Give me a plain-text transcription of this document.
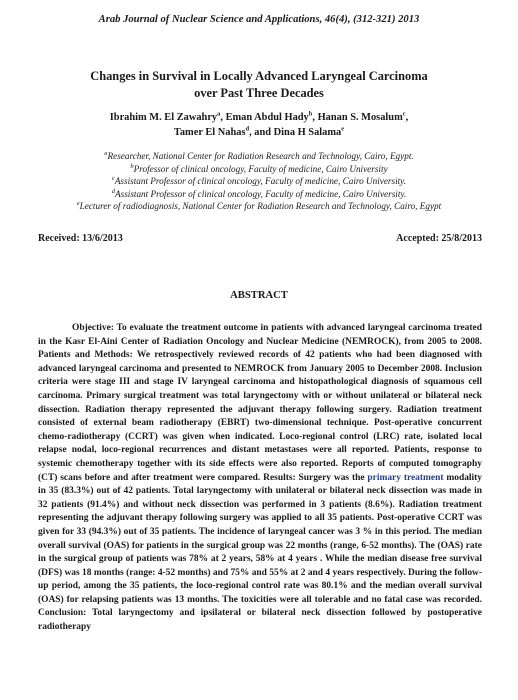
Arab Journal of Nuclear Science and Applications, 46(4), (312-321) 2013
Changes in Survival in Locally Advanced Laryngeal Carcinoma
over Past Three Decades
Ibrahim M. El Zawahry$^a$, Eman Abdul Hady$^b$, Hanan S. Mosalum$^c$,
Tamer El Nahas$^d$, and Dina H Salama$^e$
$^a$Researcher, National Center for Radiation Research and Technology, Cairo, Egypt.
$^b$Professor of clinical oncology, Faculty of medicine, Cairo University
$^c$Assistant Professor of clinical oncology, Faculty of medicine, Cairo University.
$^d$Assistant Professor of clinical oncology, Faculty of medicine, Cairo University.
$^e$Lecturer of radiodiagnosis, National Center for Radiation Research and Technology, Cairo, Egypt
Received: 13/6/2013	Accepted: 25/8/2013
ABSTRACT

Objective: To evaluate the treatment outcome in patients with advanced laryngeal carcinoma treated in the Kasr El-Aini Center of Radiation Oncology and Nuclear Medicine (NEMROCK), from 2005 to 2008. Patients and Methods: We retrospectively reviewed records of 42 patients who had been diagnosed with advanced laryngeal carcinoma and presented to NEMROCK from January 2005 to December 2008. Inclusion criteria were stage III and stage IV laryngeal carcinoma and histopathological diagnosis of squamous cell carcinoma. Primary surgical treatment was total laryngectomy with or without unilateral or bilateral neck dissection. Radiation therapy represented the adjuvant therapy following surgery. Radiation treatment consisted of external beam radiotherapy (EBRT) two-dimensional technique. Post-operative concurrent chemo-radiotherapy (CCRT) was given when indicated. Loco-regional control (LRC) rate, isolated local relapse nodal, loco-regional recurrences and distant metastases were all reported. Patients, response to systemic chemotherapy together with its side effects were also reported. Reports of computed tomography (CT) scans before and after treatment were compared. Results: Surgery was the primary treatment modality in 35 (83.3%) out of 42 patients. Total laryngectomy with unilateral or bilateral neck dissection was made in 32 patients (91.4%) and without neck dissection was performed in 3 patients (8.6%). Radiation treatment representing the adjuvant therapy following surgery was applied to all 35 patients. Post-operative CCRT was given for 33 (94.3%) out of 35 patients. The incidence of laryngeal cancer was 3 % in this period. The median overall survival (OAS) for patients in the surgical group was 22 months (range, 6-52 months). The (OAS) rate in the surgical group of patients was 78% at 2 years, 58% at 4 years . While the median disease free survival (DFS) was 18 months (range: 4-52 months) and 75% and 55% at 2 and 4 years respectively. During the follow-up period, among the 35 patients, the loco-regional control rate was 80.1% and the median overall survival (OAS) for relapsing patients was 13 months. The toxicities were all tolerable and no fatal case was recorded. Conclusion: Total laryngectomy and ipsilateral or bilateral neck dissection followed by postoperative radiotherapy
